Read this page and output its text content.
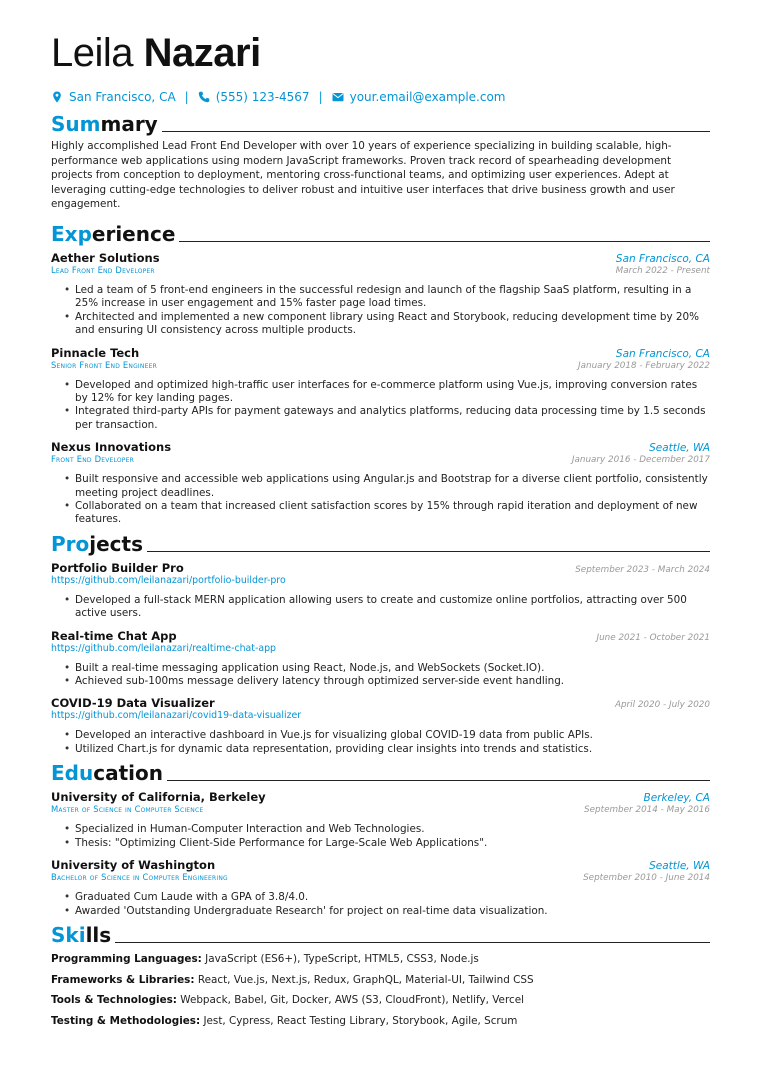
Leila Nazari
San Francisco, CA | (555) 123-4567 | your.email@example.com
Summary

Highly accomplished Lead Front End Developer with over 10 years of experience specializing in building scalable, high-performance web applications using modern JavaScript frameworks. Proven track record of spearheading development projects from conception to deployment, mentoring cross-functional teams, and optimizing user experiences. Adept at leveraging cutting-edge technologies to deliver robust and intuitive user interfaces that drive business growth and user engagement.

Experience
Aether Solutions	San Francisco, CA
Lead Front End Developer	March 2022 - Present
• Led a team of 5 front-end engineers in the successful redesign and launch of the flagship SaaS platform, resulting in a 25% increase in user engagement and 15% faster page load times.
• Architected and implemented a new component library using React and Storybook, reducing development time by 20% and ensuring UI consistency across multiple products.
Pinnacle Tech	San Francisco, CA
Senior Front End Engineer	January 2018 - February 2022
• Developed and optimized high-traffic user interfaces for e-commerce platform using Vue.js, improving conversion rates by 12% for key landing pages.
• Integrated third-party APIs for payment gateways and analytics platforms, reducing data processing time by 1.5 seconds per transaction.
Nexus Innovations	Seattle, WA
Front End Developer	January 2016 - December 2017
• Built responsive and accessible web applications using Angular.js and Bootstrap for a diverse client portfolio, consistently meeting project deadlines.
• Collaborated on a team that increased client satisfaction scores by 15% through rapid iteration and deployment of new features.
Projects
Portfolio Builder Pro	September 2023 - March 2024
https://github.com/leilanazari/portfolio-builder-pro
• Developed a full-stack MERN application allowing users to create and customize online portfolios, attracting over 500 active users.
Real-time Chat App	June 2021 - October 2021
https://github.com/leilanazari/realtime-chat-app
• Built a real-time messaging application using React, Node.js, and WebSockets (Socket.IO).
• Achieved sub-100ms message delivery latency through optimized server-side event handling.
COVID-19 Data Visualizer	April 2020 - July 2020
https://github.com/leilanazari/covid19-data-visualizer
• Developed an interactive dashboard in Vue.js for visualizing global COVID-19 data from public APIs.
• Utilized Chart.js for dynamic data representation, providing clear insights into trends and statistics.
Education
University of California, Berkeley	Berkeley, CA
Master of Science in Computer Science	September 2014 - May 2016
• Specialized in Human-Computer Interaction and Web Technologies.
• Thesis: "Optimizing Client-Side Performance for Large-Scale Web Applications".
University of Washington	Seattle, WA
Bachelor of Science in Computer Engineering	September 2010 - June 2014
• Graduated Cum Laude with a GPA of 3.8/4.0.
• Awarded 'Outstanding Undergraduate Research' for project on real-time data visualization.
Skills
Programming Languages: JavaScript (ES6+), TypeScript, HTML5, CSS3, Node.js
Frameworks & Libraries: React, Vue.js, Next.js, Redux, GraphQL, Material-UI, Tailwind CSS
Tools & Technologies: Webpack, Babel, Git, Docker, AWS (S3, CloudFront), Netlify, Vercel
Testing & Methodologies: Jest, Cypress, React Testing Library, Storybook, Agile, Scrum
